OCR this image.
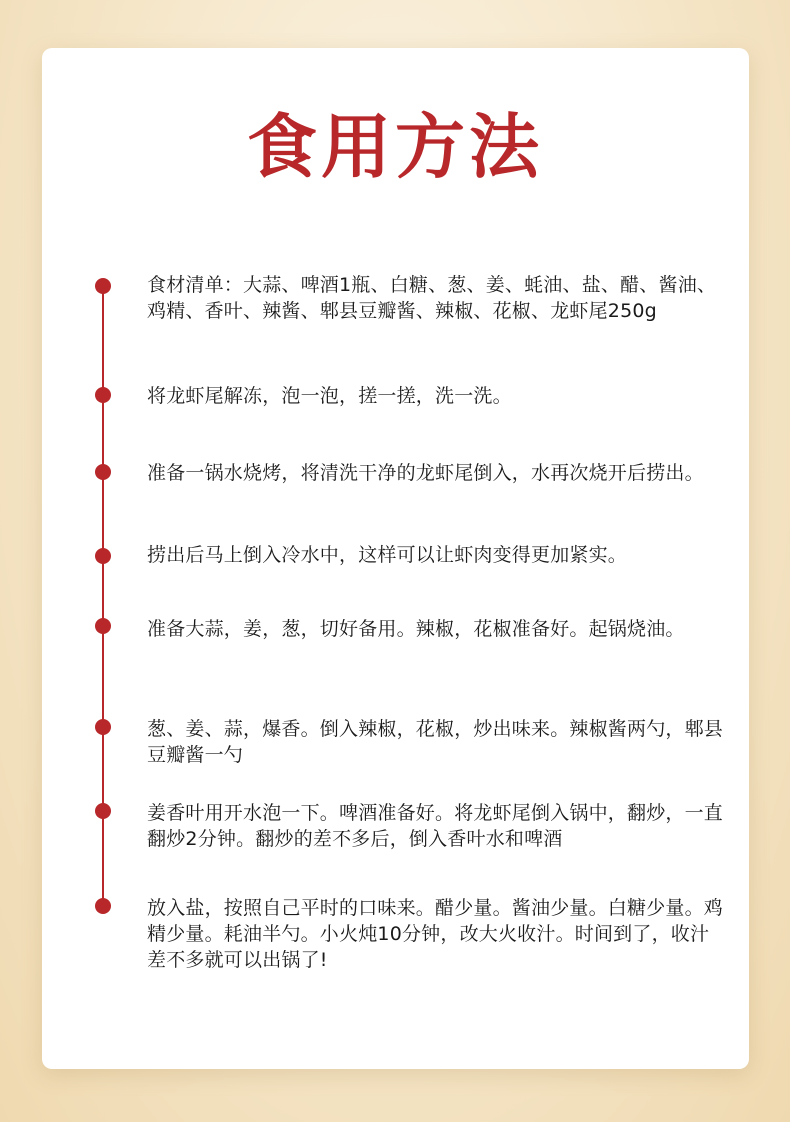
食用方法
食材清单：大蒜、啤酒1瓶、白糖、葱、姜、蚝油、盐、醋、酱油、鸡精、香叶、辣酱、郫县豆瓣酱、辣椒、花椒、龙虾尾250g
将龙虾尾解冻，泡一泡，搓一搓，洗一洗。
准备一锅水烧烤，将清洗干净的龙虾尾倒入，水再次烧开后捞出。
捞出后马上倒入冷水中，这样可以让虾肉变得更加紧实。
准备大蒜，姜，葱，切好备用。辣椒，花椒准备好。起锅烧油。
葱、姜、蒜，爆香。倒入辣椒，花椒，炒出味来。辣椒酱两勺，郫县豆瓣酱一勺
姜香叶用开水泡一下。啤酒准备好。将龙虾尾倒入锅中，翻炒，一直翻炒2分钟。翻炒的差不多后，倒入香叶水和啤酒
放入盐，按照自己平时的口味来。醋少量。酱油少量。白糖少量。鸡精少量。耗油半勺。小火炖10分钟，改大火收汁。时间到了，收汁差不多就可以出锅了!
